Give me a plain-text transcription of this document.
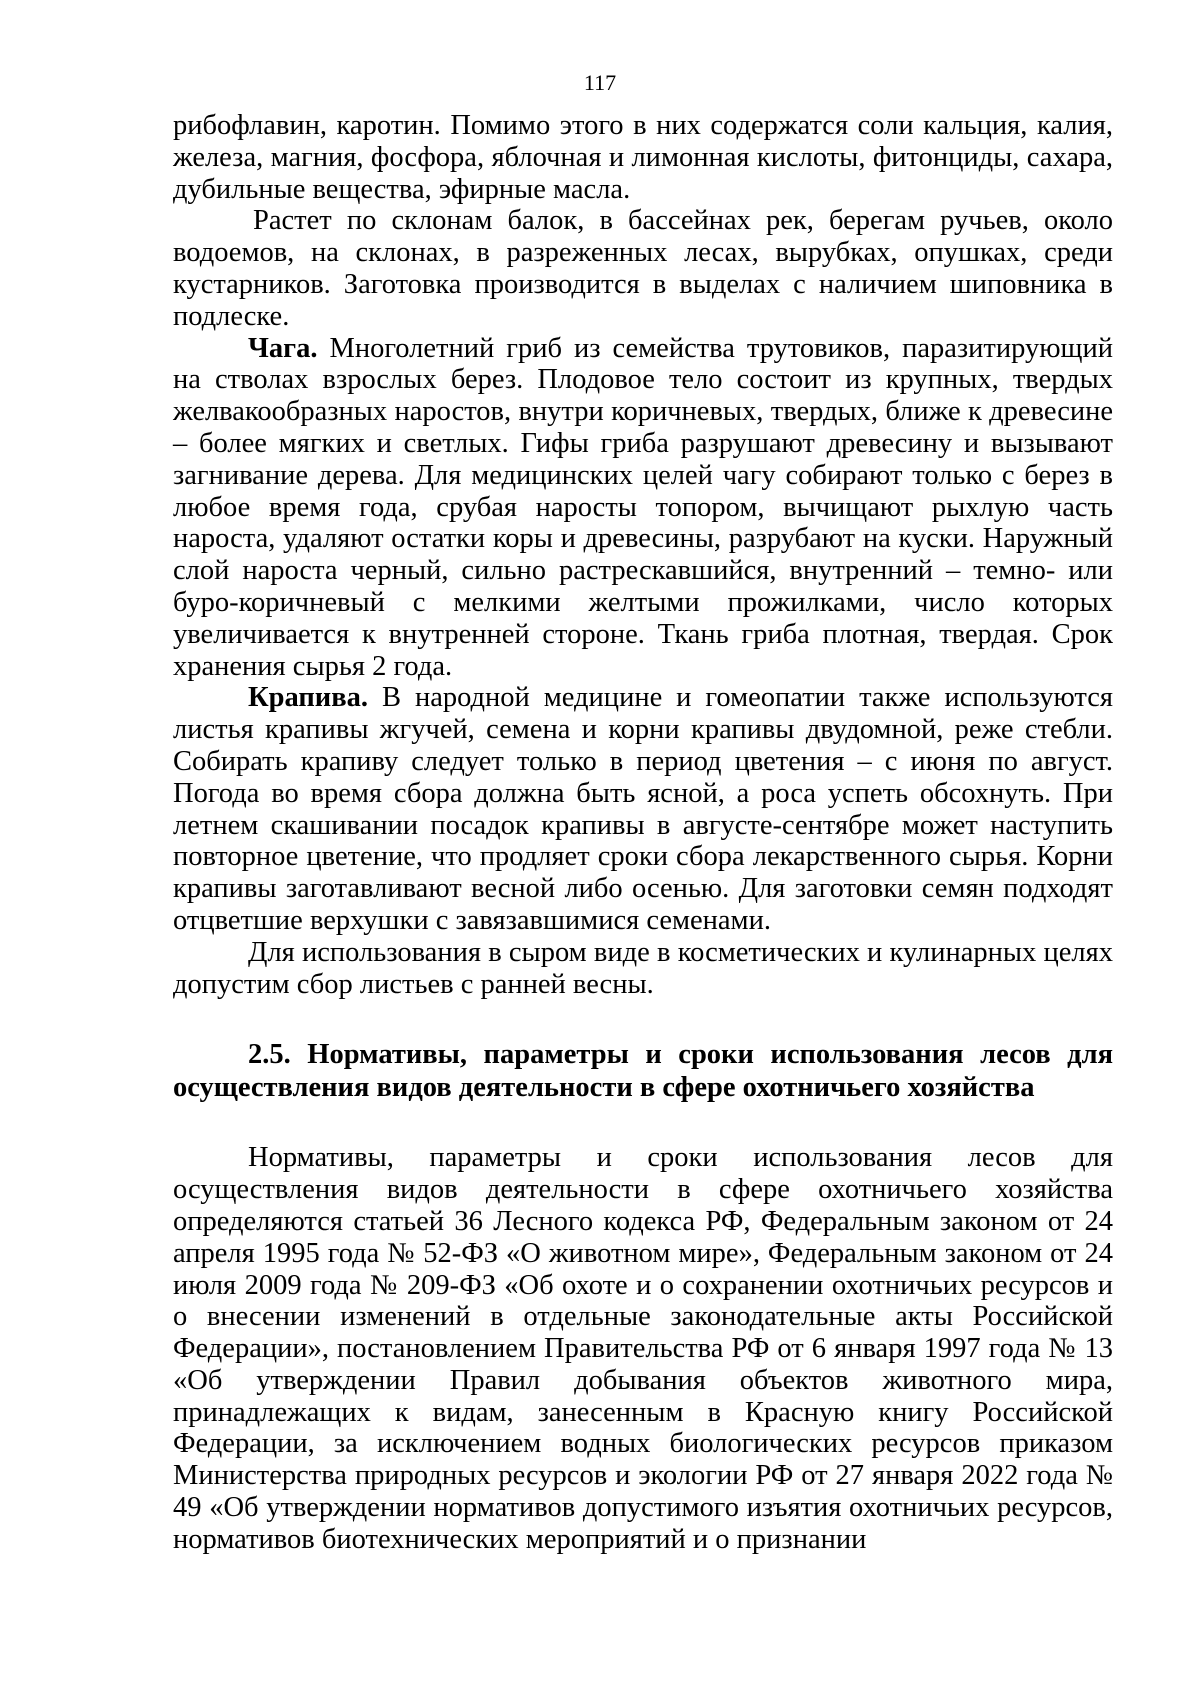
117

рибофлавин, каротин. Помимо этого в них содержатся соли кальция, калия, железа, магния, фосфора, яблочная и лимонная кислоты, фитонциды, сахара, дубильные вещества, эфирные масла.

Растет по склонам балок, в бассейнах рек, берегам ручьев, около водоемов, на склонах, в разреженных лесах, вырубках, опушках, среди кустарников. Заготовка производится в выделах с наличием шиповника в подлеске.

Чага. Многолетний гриб из семейства трутовиков, паразитирующий на стволах взрослых берез. Плодовое тело состоит из крупных, твердых желвакообразных наростов, внутри коричневых, твердых, ближе к древесине – более мягких и светлых. Гифы гриба разрушают древесину и вызывают загнивание дерева. Для медицинских целей чагу собирают только с берез в любое время года, срубая наросты топором, вычищают рыхлую часть нароста, удаляют остатки коры и древесины, разрубают на куски. Наружный слой нароста черный, сильно растрескавшийся, внутренний – темно- или буро-коричневый с мелкими желтыми прожилками, число которых увеличивается к внутренней стороне. Ткань гриба плотная, твердая. Срок хранения сырья 2 года.

Крапива. В народной медицине и гомеопатии также используются листья крапивы жгучей, семена и корни крапивы двудомной, реже стебли. Собирать крапиву следует только в период цветения – с июня по август. Погода во время сбора должна быть ясной, а роса успеть обсохнуть. При летнем скашивании посадок крапивы в августе-сентябре может наступить повторное цветение, что продляет сроки сбора лекарственного сырья. Корни крапивы заготавливают весной либо осенью. Для заготовки семян подходят отцветшие верхушки с завязавшимися семенами.

Для использования в сыром виде в косметических и кулинарных целях допустим сбор листьев с ранней весны.

2.5. Нормативы, параметры и сроки использования лесов для осуществления видов деятельности в сфере охотничьего хозяйства

Нормативы, параметры и сроки использования лесов для осуществления видов деятельности в сфере охотничьего хозяйства определяются статьей 36 Лесного кодекса РФ, Федеральным законом от 24 апреля 1995 года № 52-ФЗ «О животном мире», Федеральным законом от 24 июля 2009 года № 209-ФЗ «Об охоте и о сохранении охотничьих ресурсов и о внесении изменений в отдельные законодательные акты Российской Федерации», постановлением Правительства РФ от 6 января 1997 года № 13 «Об утверждении Правил добывания объектов животного мира, принадлежащих к видам, занесенным в Красную книгу Российской Федерации, за исключением водных биологических ресурсов приказом Министерства природных ресурсов и экологии РФ от 27 января 2022 года № 49 «Об утверждении нормативов допустимого изъятия охотничьих ресурсов, нормативов биотехнических мероприятий и о признании
